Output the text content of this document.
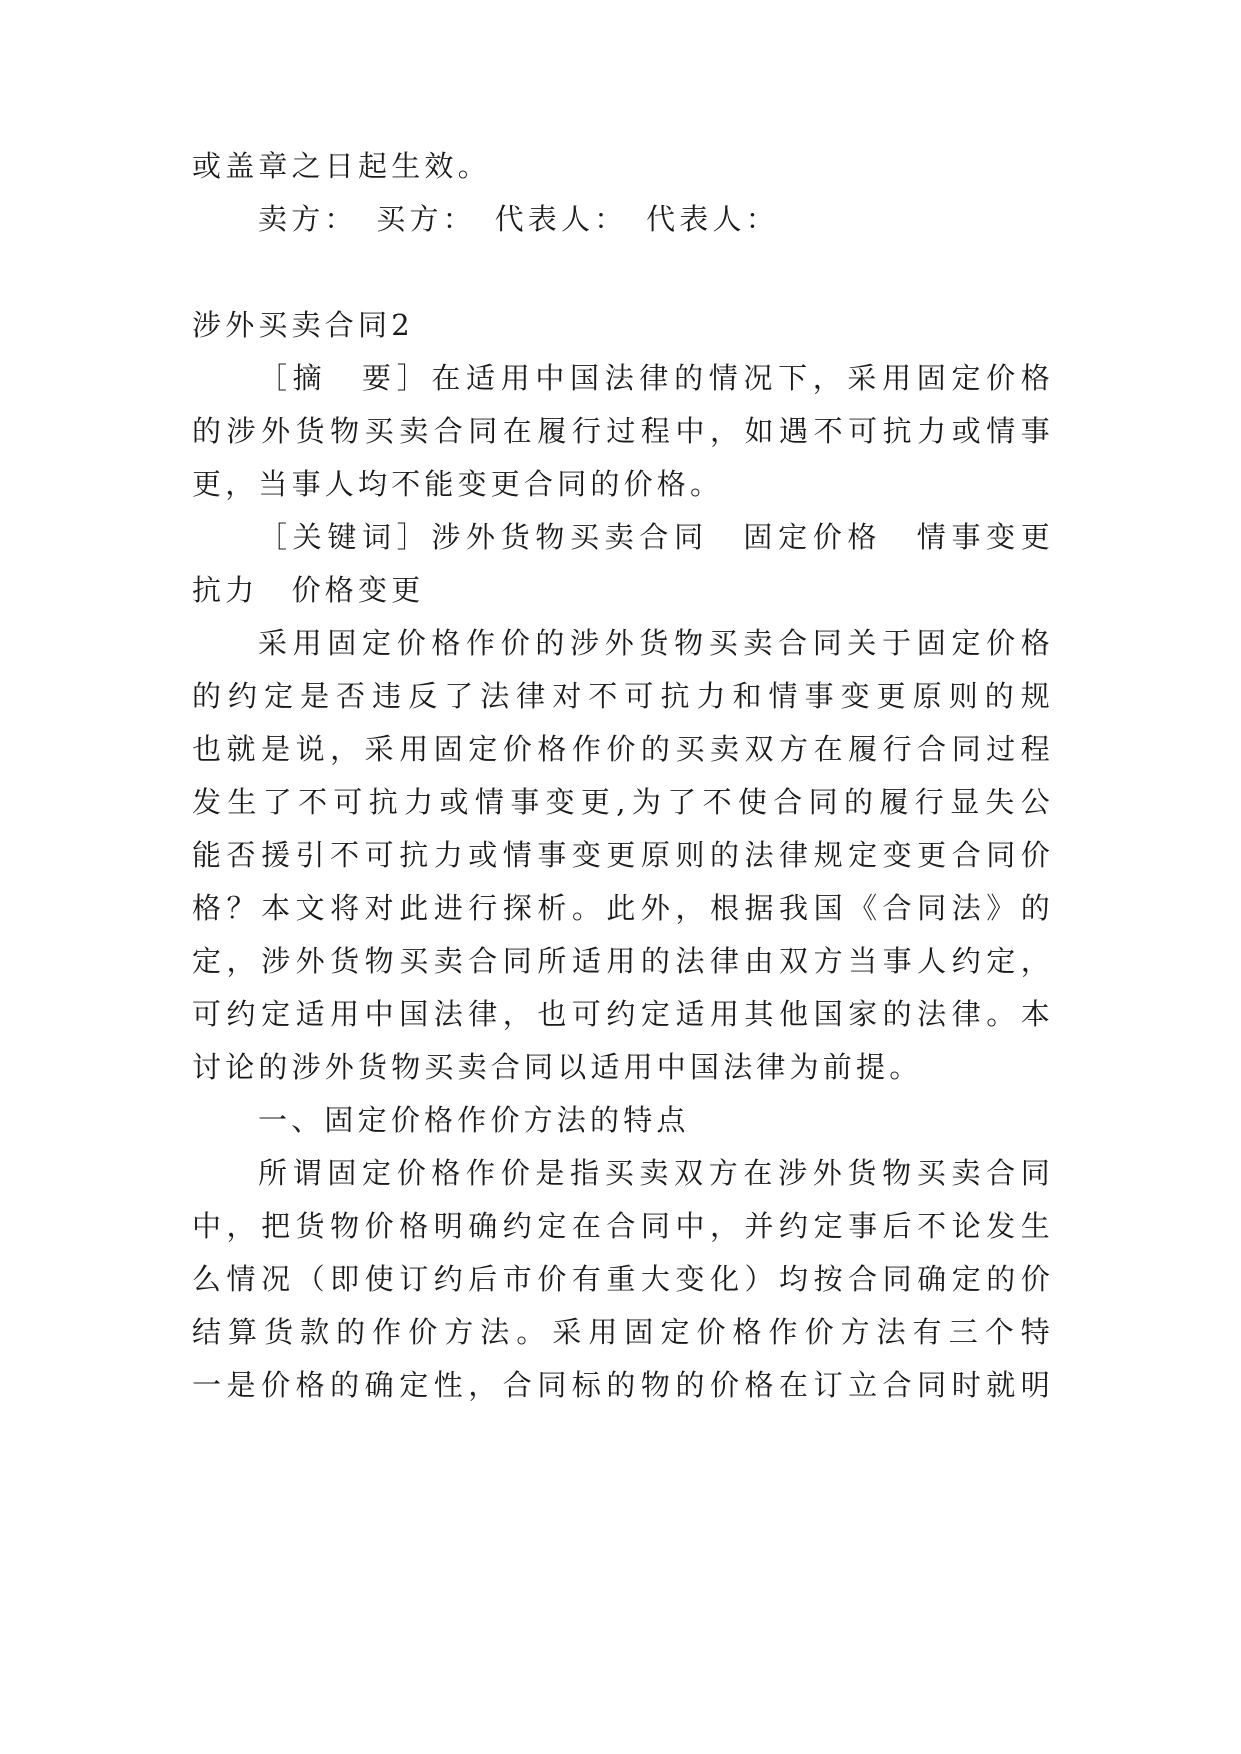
或盖章之日起生效。
卖方：　买方：　代表人：　代表人：
涉外买卖合同2
［摘　要］在适用中国法律的情况下，采用固定价格
的涉外货物买卖合同在履行过程中，如遇不可抗力或情事
更，当事人均不能变更合同的价格。
［关键词］涉外货物买卖合同　固定价格　情事变更　
抗力　价格变更
采用固定价格作价的涉外货物买卖合同关于固定价格
的约定是否违反了法律对不可抗力和情事变更原则的规
也就是说，采用固定价格作价的买卖双方在履行合同过程
发生了不可抗力或情事变更,为了不使合同的履行显失公
能否援引不可抗力或情事变更原则的法律规定变更合同价
格？本文将对此进行探析。此外，根据我国《合同法》的
定，涉外货物买卖合同所适用的法律由双方当事人约定，
可约定适用中国法律，也可约定适用其他国家的法律。本
讨论的涉外货物买卖合同以适用中国法律为前提。
一、固定价格作价方法的特点
所谓固定价格作价是指买卖双方在涉外货物买卖合同
中，把货物价格明确约定在合同中，并约定事后不论发生
么情况（即使订约后市价有重大变化）均按合同确定的价
结算货款的作价方法。采用固定价格作价方法有三个特
一是价格的确定性，合同标的物的价格在订立合同时就明
